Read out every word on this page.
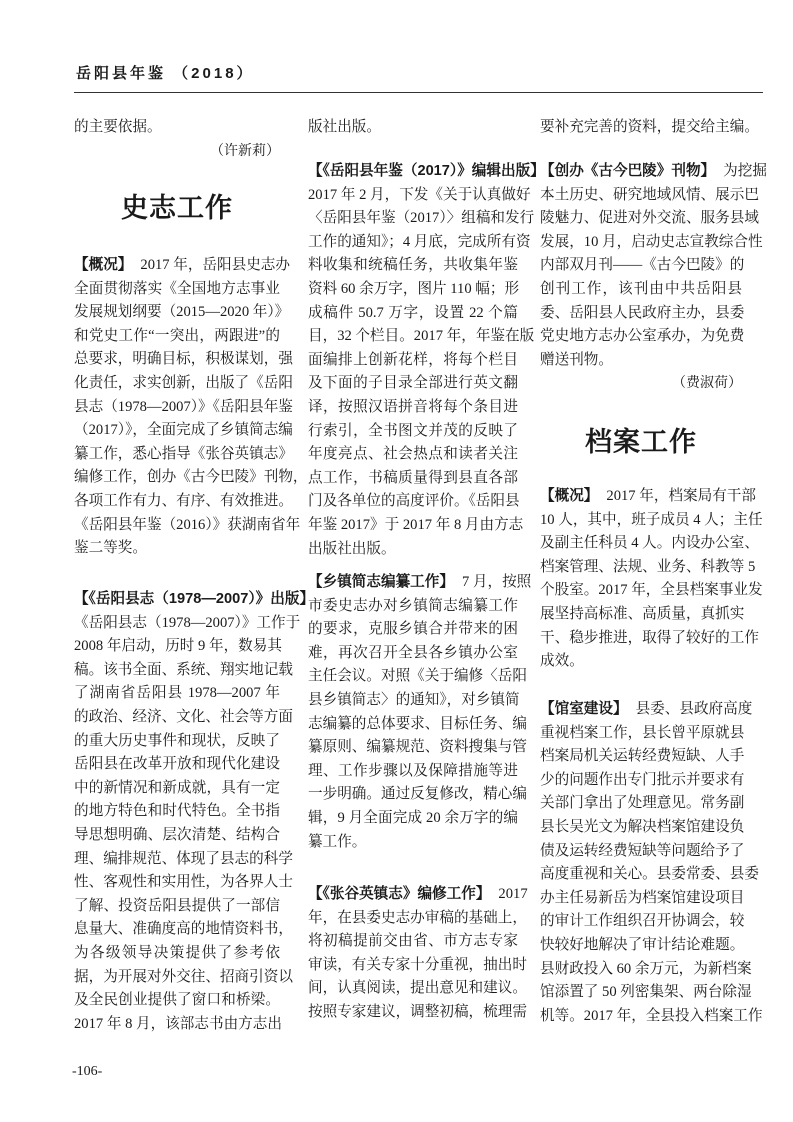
岳阳县年鉴 （2018）
的主要依据。
（许新莉）
史志工作
【概况】 2017 年，岳阳县史志办
全面贯彻落实《全国地方志事业
发展规划纲要（2015—2020 年）》
和党史工作“一突出，两跟进”的
总要求，明确目标，积极谋划，强
化责任，求实创新，出版了《岳阳
县志（1978—2007）》《岳阳县年鉴
（2017）》，全面完成了乡镇简志编
纂工作，悉心指导《张谷英镇志》
编修工作，创办《古今巴陵》刊物，
各项工作有力、有序、有效推进。
《岳阳县年鉴（2016）》获湖南省年
鉴二等奖。
【《岳阳县志（1978—2007）》出版】
《岳阳县志（1978—2007）》工作于
2008 年启动，历时 9 年，数易其
稿。该书全面、系统、翔实地记载
了湖南省岳阳县 1978—2007 年
的政治、经济、文化、社会等方面
的重大历史事件和现状，反映了
岳阳县在改革开放和现代化建设
中的新情况和新成就，具有一定
的地方特色和时代特色。全书指
导思想明确、层次清楚、结构合
理、编排规范、体现了县志的科学
性、客观性和实用性，为各界人士
了解、投资岳阳县提供了一部信
息量大、准确度高的地情资料书，
为各级领导决策提供了参考依
据，为开展对外交往、招商引资以
及全民创业提供了窗口和桥梁。
2017 年 8 月，该部志书由方志出
版社出版。
【《岳阳县年鉴（2017）》编辑出版】
2017 年 2 月，下发《关于认真做好
〈岳阳县年鉴（2017）〉组稿和发行
工作的通知》；4 月底，完成所有资
料收集和统稿任务，共收集年鉴
资料 60 余万字，图片 110 幅；形
成稿件 50.7 万字，设置 22 个篇
目，32 个栏目。2017 年，年鉴在版
面编排上创新花样，将每个栏目
及下面的子目录全部进行英文翻
译，按照汉语拼音将每个条目进
行索引，全书图文并茂的反映了
年度亮点、社会热点和读者关注
点工作，书稿质量得到县直各部
门及各单位的高度评价。《岳阳县
年鉴 2017》于 2017 年 8 月由方志
出版社出版。
【乡镇简志编纂工作】 7 月，按照
市委史志办对乡镇简志编纂工作
的要求，克服乡镇合并带来的困
难，再次召开全县各乡镇办公室
主任会议。对照《关于编修〈岳阳
县乡镇简志〉的通知》，对乡镇简
志编纂的总体要求、目标任务、编
纂原则、编纂规范、资料搜集与管
理、工作步骤以及保障措施等进
一步明确。通过反复修改，精心编
辑，9 月全面完成 20 余万字的编
纂工作。
【《张谷英镇志》编修工作】 2017
年，在县委史志办审稿的基础上，
将初稿提前交由省、市方志专家
审读，有关专家十分重视，抽出时
间，认真阅读，提出意见和建议。
按照专家建议，调整初稿，梳理需
要补充完善的资料，提交给主编。
【创办《古今巴陵》刊物】 为挖掘
本土历史、研究地域风情、展示巴
陵魅力、促进对外交流、服务县域
发展，10 月，启动史志宣教综合性
内部双月刊——《古今巴陵》的
创刊工作，该刊由中共岳阳县
委、岳阳县人民政府主办，县委
党史地方志办公室承办，为免费
赠送刊物。
（费淑荷）
档案工作
【概况】 2017 年，档案局有干部
10 人，其中，班子成员 4 人；主任
及副主任科员 4 人。内设办公室、
档案管理、法规、业务、科教等 5
个股室。2017 年，全县档案事业发
展坚持高标准、高质量，真抓实
干、稳步推进，取得了较好的工作
成效。
【馆室建设】 县委、县政府高度
重视档案工作，县长曾平原就县
档案局机关运转经费短缺、人手
少的问题作出专门批示并要求有
关部门拿出了处理意见。常务副
县长吴光文为解决档案馆建设负
债及运转经费短缺等问题给予了
高度重视和关心。县委常委、县委
办主任易新岳为档案馆建设项目
的审计工作组织召开协调会，较
快较好地解决了审计结论难题。
县财政投入 60 余万元，为新档案
馆添置了 50 列密集架、两台除湿
机等。2017 年，全县投入档案工作
-106-
